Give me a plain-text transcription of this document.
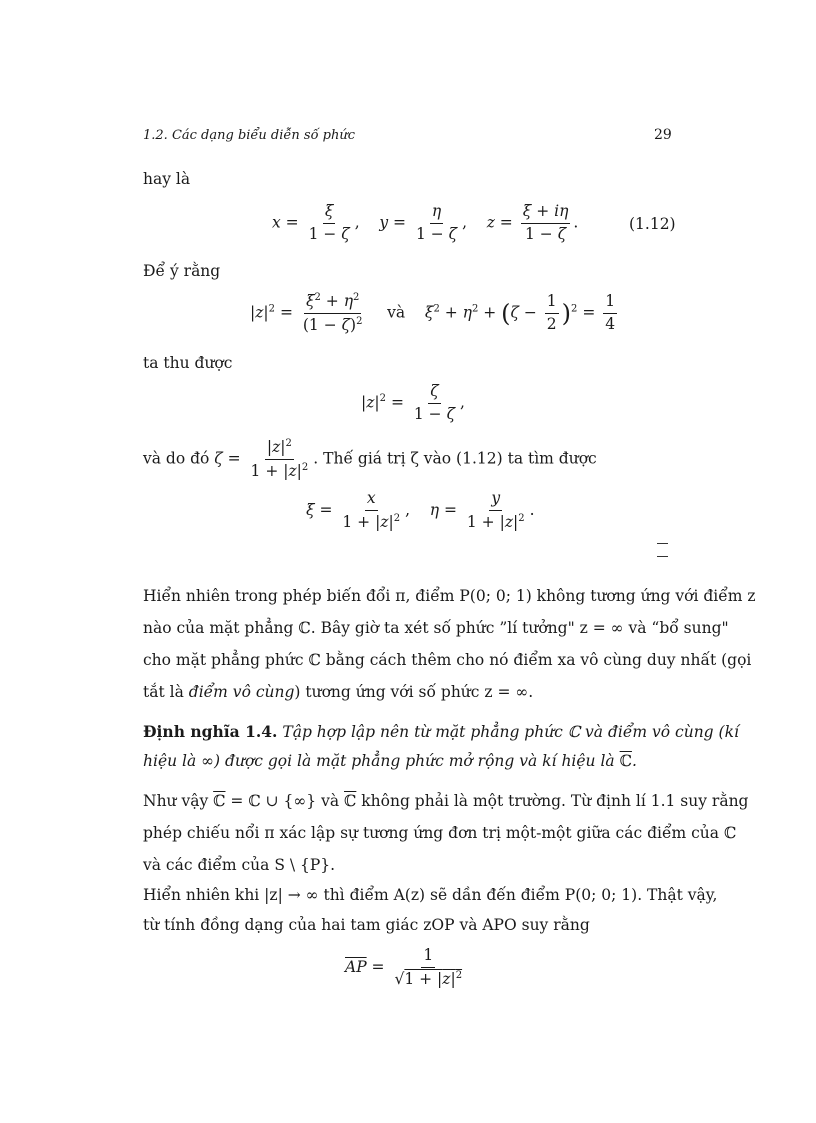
1.2. Các dạng biểu diễn số phức	29
hay là
$x = \frac{\xi}{1 - \zeta}$ ,    $y = \frac{\eta}{1 - \zeta}$ ,    $z = \frac{\xi + i\eta}{1 - \zeta}$ .	(1.12)
Để ý rằng
$|z|^2 = \frac{\xi^2 + \eta^2}{(1 - \zeta)^2}$ và $\xi^2 + \eta^2 + (\zeta - \frac{1}{2} )^2 = \frac{1}{4}$
ta thu được
$|z|^2 = \frac{\zeta}{1 - \zeta}$ ,
và do đó $\zeta = \frac{|z|^2}{1 + |z|^2}$ . Thế giá trị ζ vào (1.12) ta tìm được
$\xi = \frac{x}{1 + |z|^2}$ ,    $\eta = \frac{y}{1 + |z|^2}$ .
Hiển nhiên trong phép biến đổi π, điểm P(0; 0; 1) không tương ứng với điểm z
nào của mặt phẳng ℂ. Bây giờ ta xét số phức ”lí tưởng" z = ∞ và “bổ sung"
cho mặt phẳng phức ℂ bằng cách thêm cho nó điểm xa vô cùng duy nhất (gọi
tắt là điểm vô cùng) tương ứng với số phức z = ∞.
Định nghĩa 1.4. Tập hợp lập nên từ mặt phẳng phức ℂ và điểm vô cùng (kí
hiệu là ∞) được gọi là mặt phẳng phức mở rộng và kí hiệu là ℂ.
Như vậy ℂ = ℂ ∪ {∞} và ℂ không phải là một trường. Từ định lí 1.1 suy rằng
phép chiếu nổi π xác lập sự tương ứng đơn trị một-một giữa các điểm của ℂ
và các điểm của S \ {P}.
Hiển nhiên khi |z| → ∞ thì điểm A(z) sẽ dần đến điểm P(0; 0; 1). Thật vậy,
từ tính đồng dạng của hai tam giác zOP và APO suy rằng
$\overline{AP} = \frac{1}{√1 + |z|^2}$
